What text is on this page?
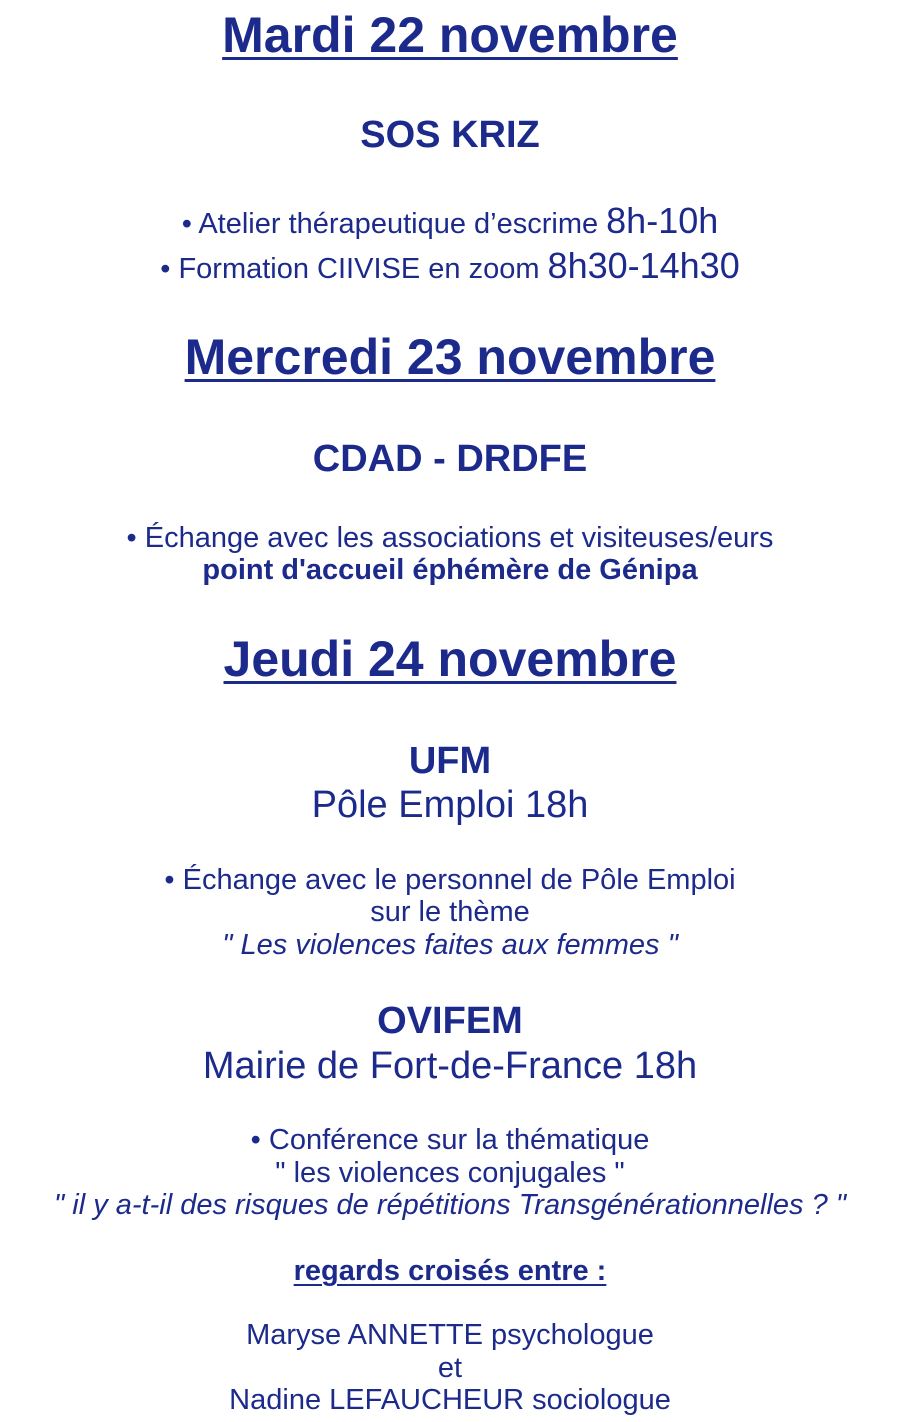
Mardi 22 novembre
SOS KRIZ
• Atelier thérapeutique d’escrime 8h-10h
• Formation CIIVISE en zoom 8h30-14h30
Mercredi 23 novembre
CDAD - DRDFE
• Échange avec les associations et visiteuses/eurs
point d'accueil éphémère de Génipa
Jeudi 24 novembre
UFM
Pôle Emploi 18h
• Échange avec le personnel de Pôle Emploi
sur le thème
" Les violences faites aux femmes "
OVIFEM
Mairie de Fort-de-France 18h
• Conférence sur la thématique
" les violences conjugales "
" il y a-t-il des risques de répétitions Transgénérationnelles ? "
regards croisés entre :
Maryse ANNETTE psychologue
et
Nadine LEFAUCHEUR sociologue
